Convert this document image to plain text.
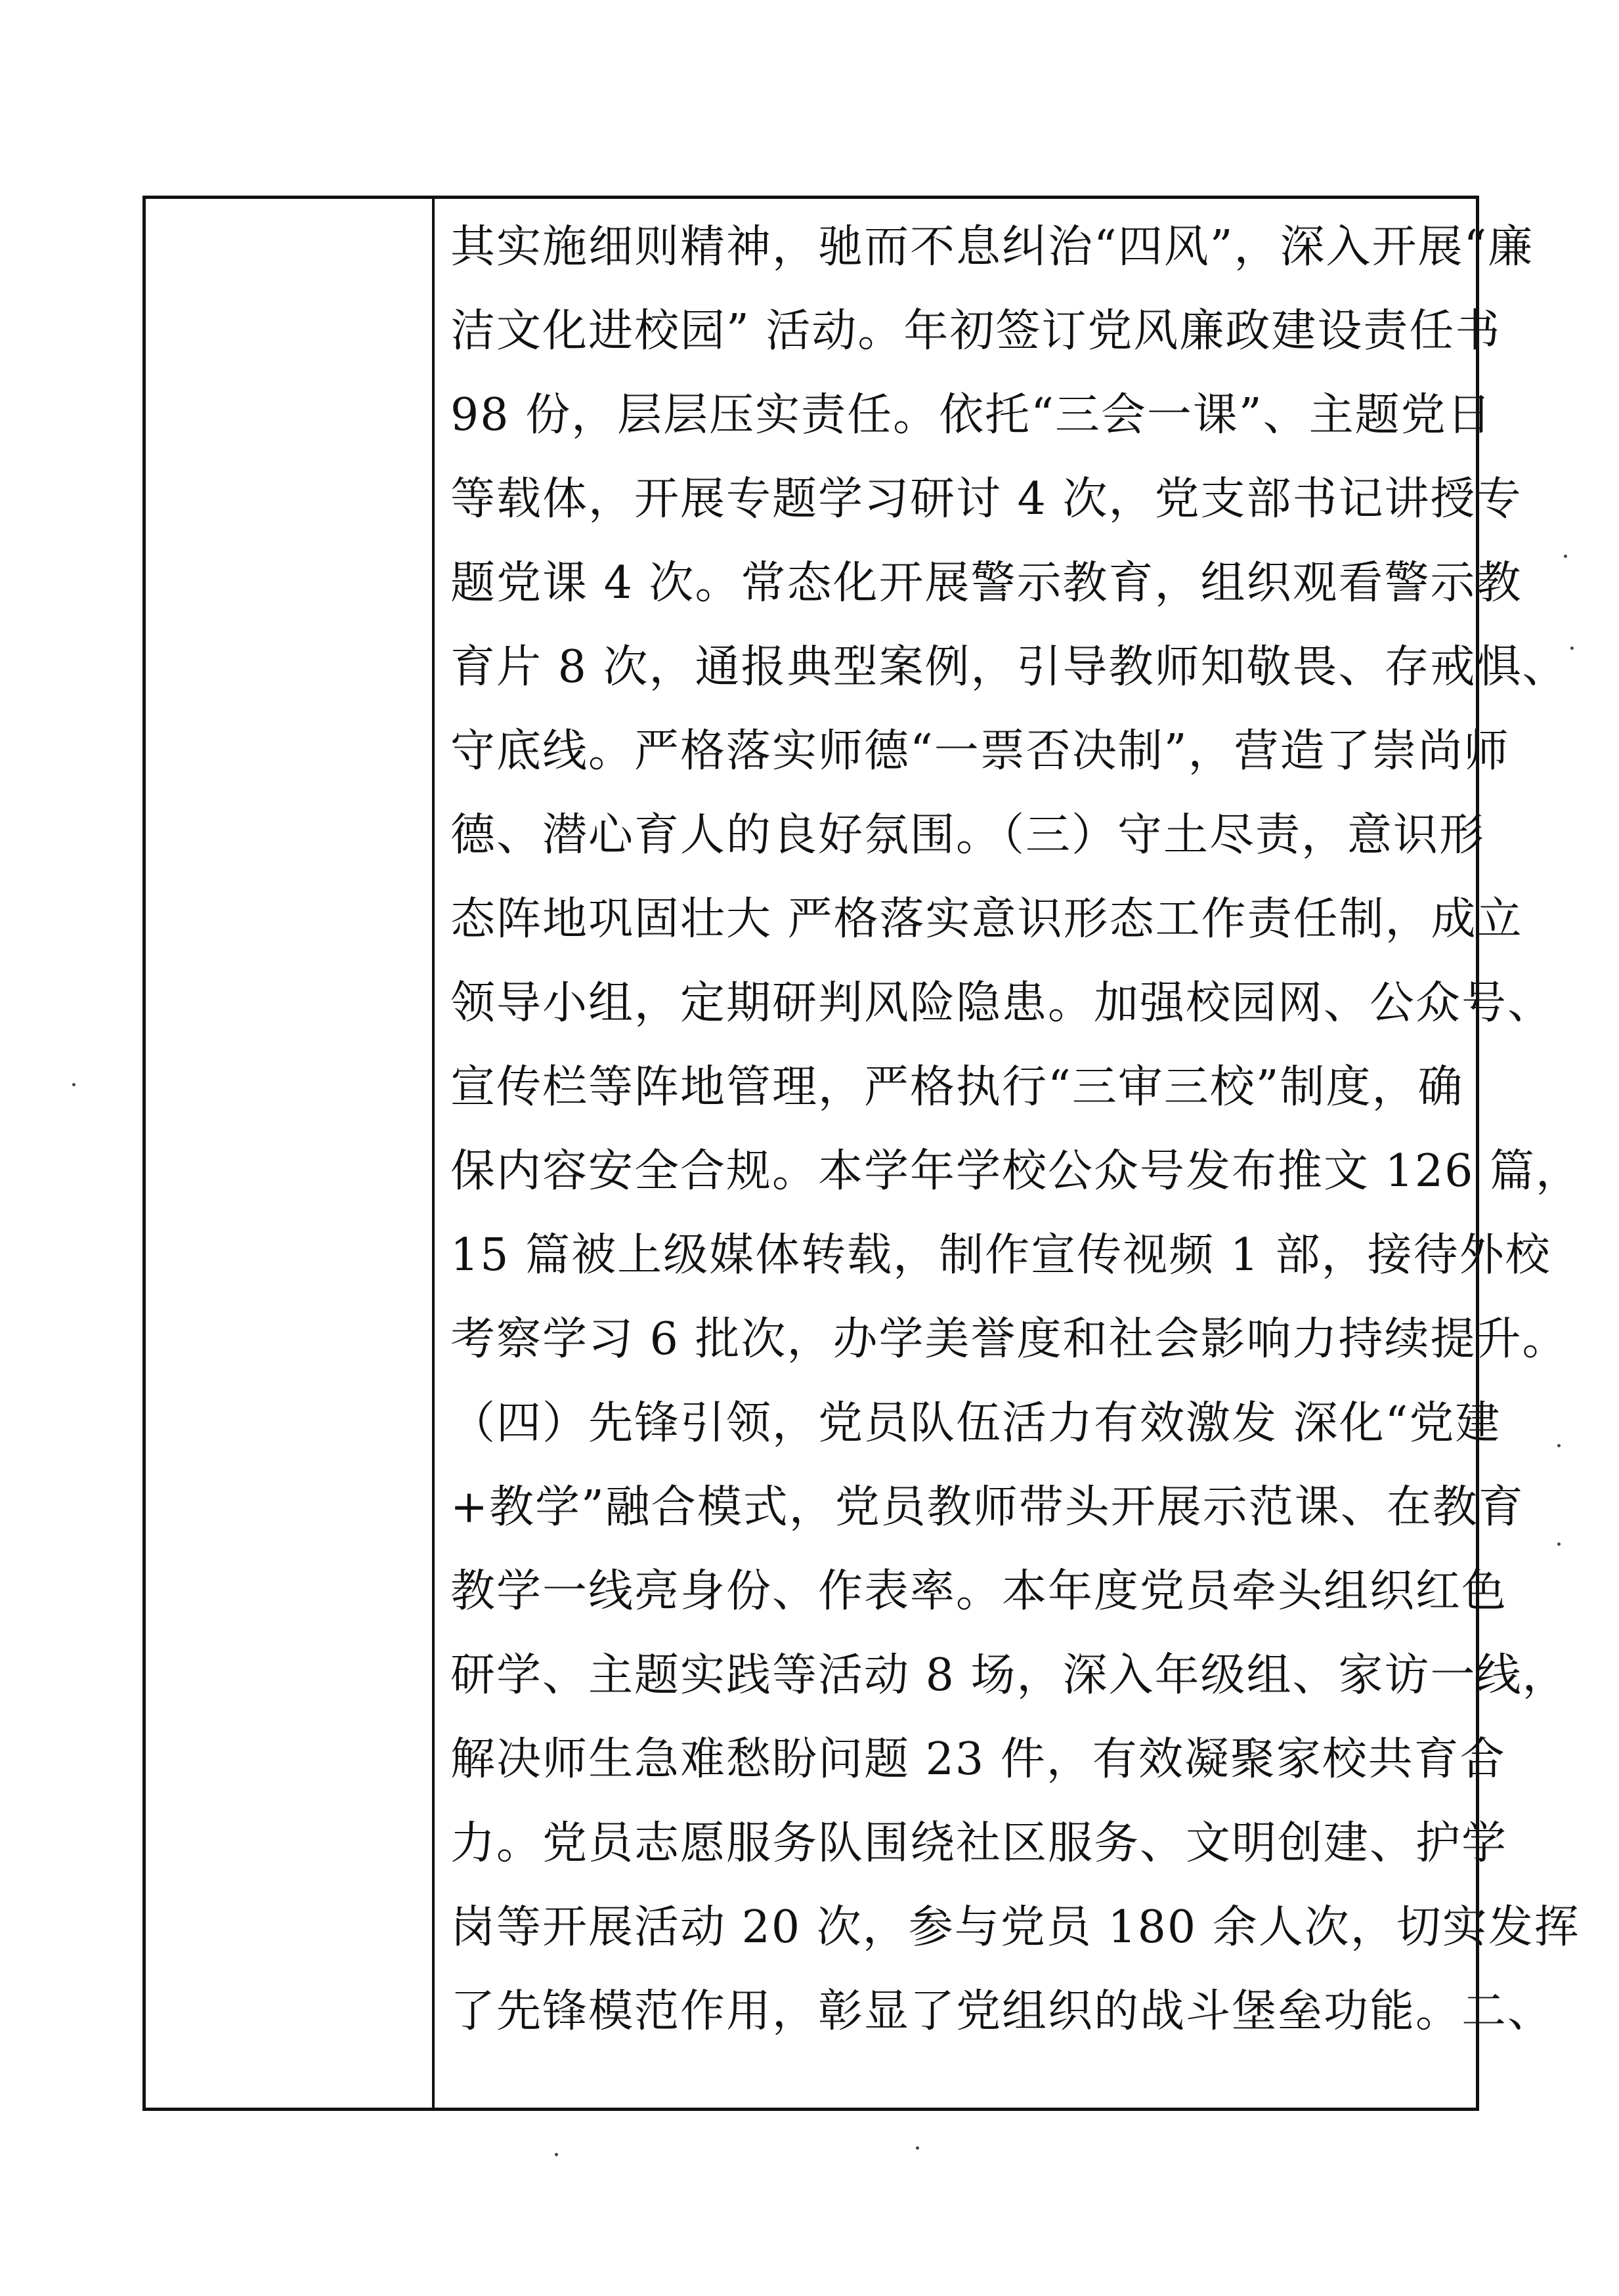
其实施细则精神，驰而不息纠治“四风”，深入开展“廉
洁文化进校园” 活动。年初签订党风廉政建设责任书
98 份，层层压实责任。依托“三会一课”、主题党日
等载体，开展专题学习研讨 4 次，党支部书记讲授专
题党课 4 次。常态化开展警示教育，组织观看警示教
育片 8 次，通报典型案例，引导教师知敬畏、存戒惧、
守底线。严格落实师德“一票否决制”，营造了崇尚师
德、潜心育人的良好氛围。（三）守土尽责，意识形
态阵地巩固壮大 严格落实意识形态工作责任制，成立
领导小组，定期研判风险隐患。加强校园网、公众号、
宣传栏等阵地管理，严格执行“三审三校”制度，确
保内容安全合规。本学年学校公众号发布推文 126 篇，
15 篇被上级媒体转载，制作宣传视频 1 部，接待外校
考察学习 6 批次，办学美誉度和社会影响力持续提升。
（四）先锋引领，党员队伍活力有效激发 深化“党建
+教学”融合模式，党员教师带头开展示范课、在教育
教学一线亮身份、作表率。本年度党员牵头组织红色
研学、主题实践等活动 8 场，深入年级组、家访一线，
解决师生急难愁盼问题 23 件，有效凝聚家校共育合
力。党员志愿服务队围绕社区服务、文明创建、护学
岗等开展活动 20 次，参与党员 180 余人次，切实发挥
了先锋模范作用，彰显了党组织的战斗堡垒功能。二、
